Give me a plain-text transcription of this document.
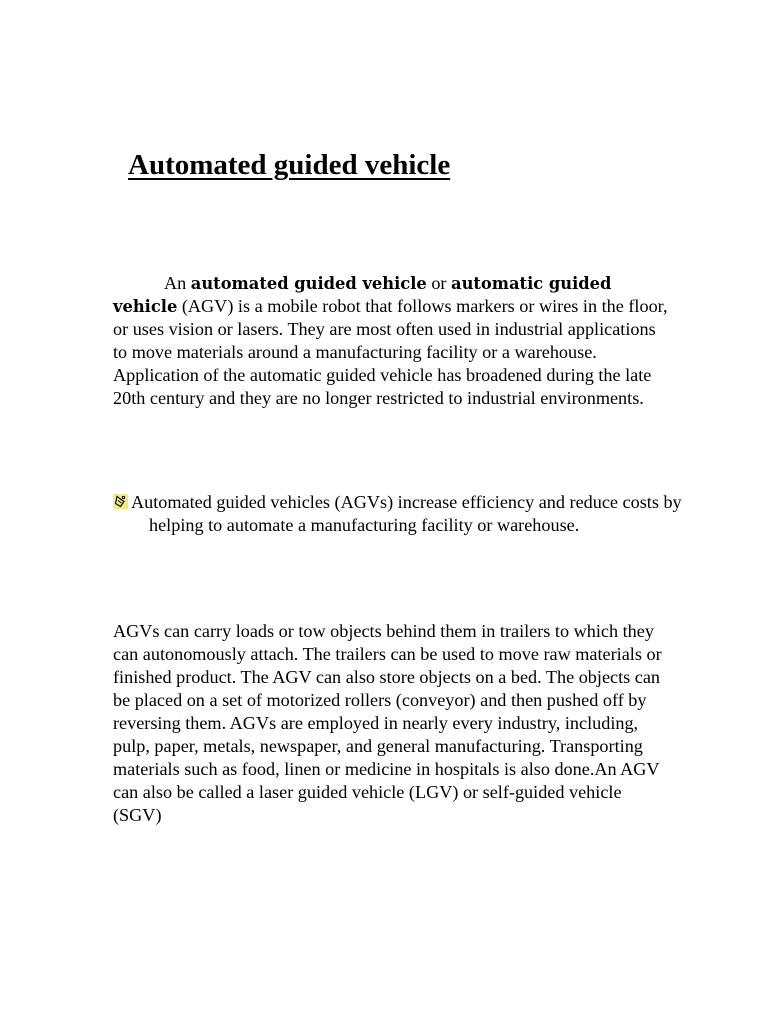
Automated guided vehicle

An automated guided vehicle or automatic guided vehicle (AGV) is a mobile robot that follows markers or wires in the floor, or uses vision or lasers. They are most often used in industrial applications to move materials around a manufacturing facility or a warehouse. Application of the automatic guided vehicle has broadened during the late 20th century and they are no longer restricted to industrial environments.

Automated guided vehicles (AGVs) increase efficiency and reduce costs by helping to automate a manufacturing facility or warehouse.

AGVs can carry loads or tow objects behind them in trailers to which they can autonomously attach. The trailers can be used to move raw materials or finished product. The AGV can also store objects on a bed. The objects can be placed on a set of motorized rollers (conveyor) and then pushed off by reversing them. AGVs are employed in nearly every industry, including, pulp, paper, metals, newspaper, and general manufacturing. Transporting materials such as food, linen or medicine in hospitals is also done.An AGV can also be called a laser guided vehicle (LGV) or self-guided vehicle (SGV)
